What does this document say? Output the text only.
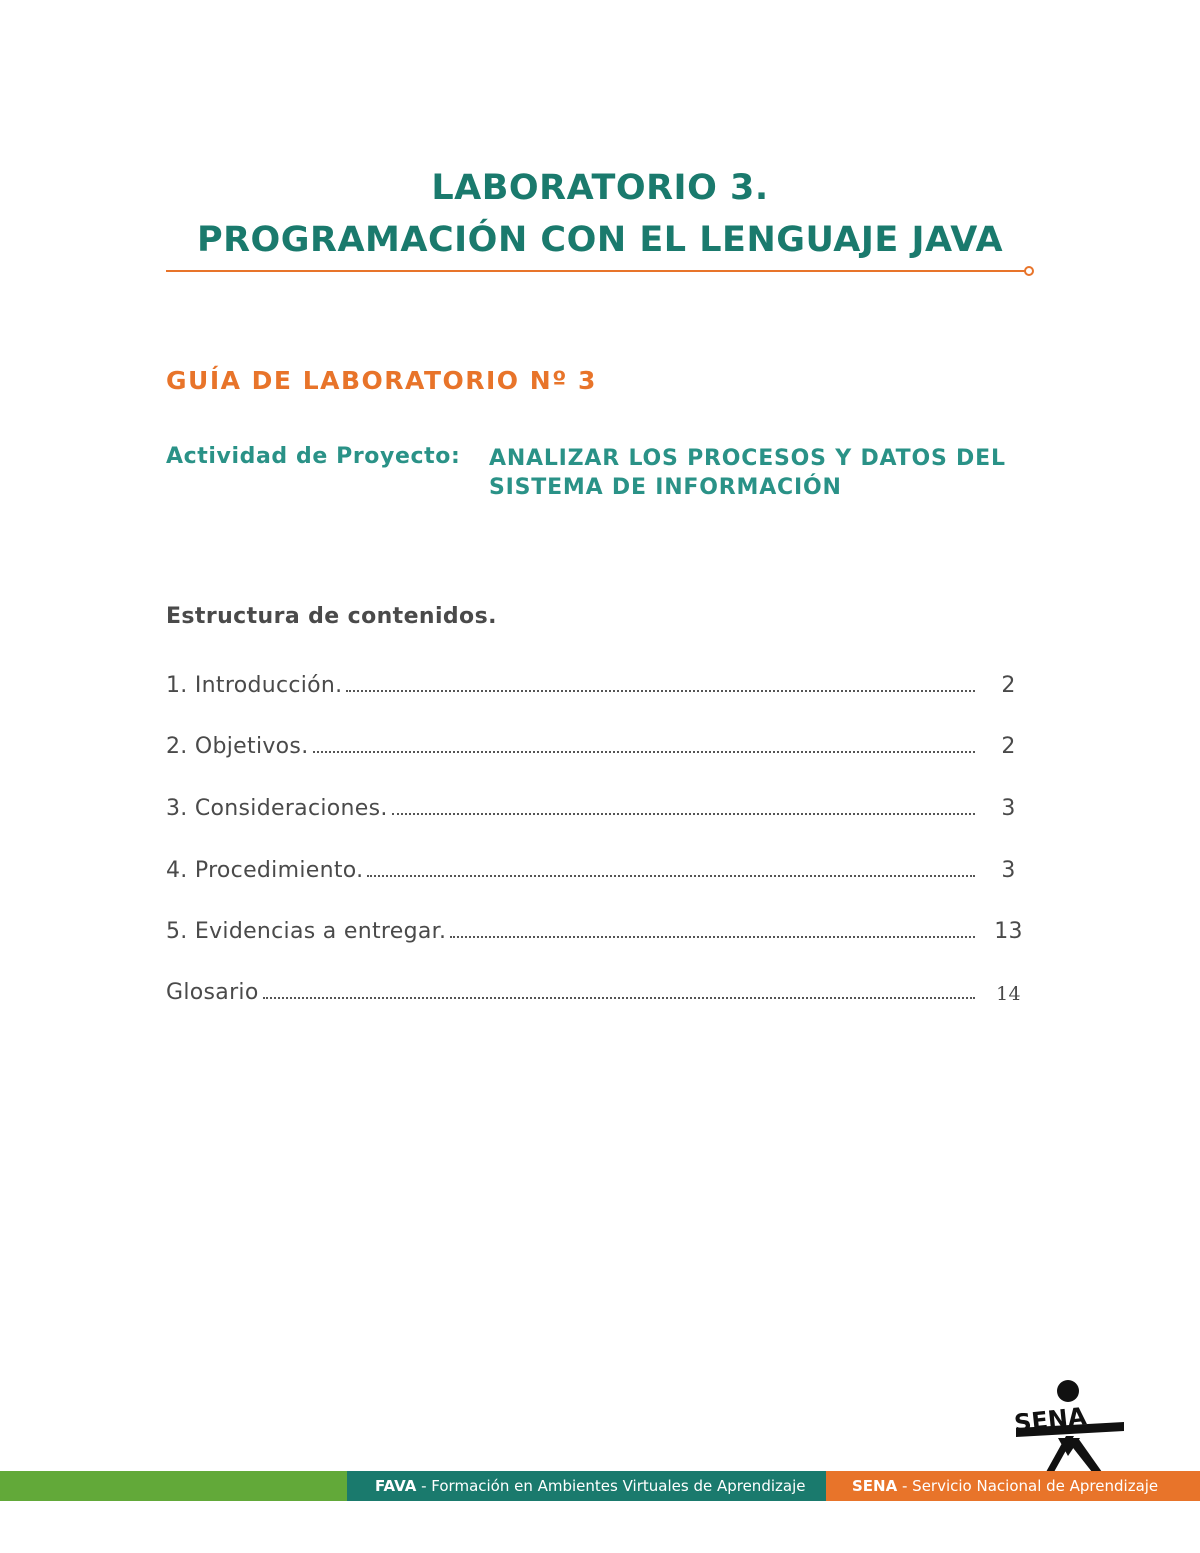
LABORATORIO 3.
PROGRAMACIÓN CON EL LENGUAJE JAVA
GUÍA DE LABORATORIO Nº 3
Actividad de Proyecto: ANALIZAR LOS PROCESOS Y DATOS DEL
SISTEMA DE INFORMACIÓN
Estructura de contenidos.
1. Introducción.	2
2. Objetivos.	2
3. Consideraciones.	3
4. Procedimiento.	3
5. Evidencias a entregar.	13
Glosario	14
SENA
FAVA - Formación en Ambientes Virtuales de Aprendizaje	SENA - Servicio Nacional de Aprendizaje
